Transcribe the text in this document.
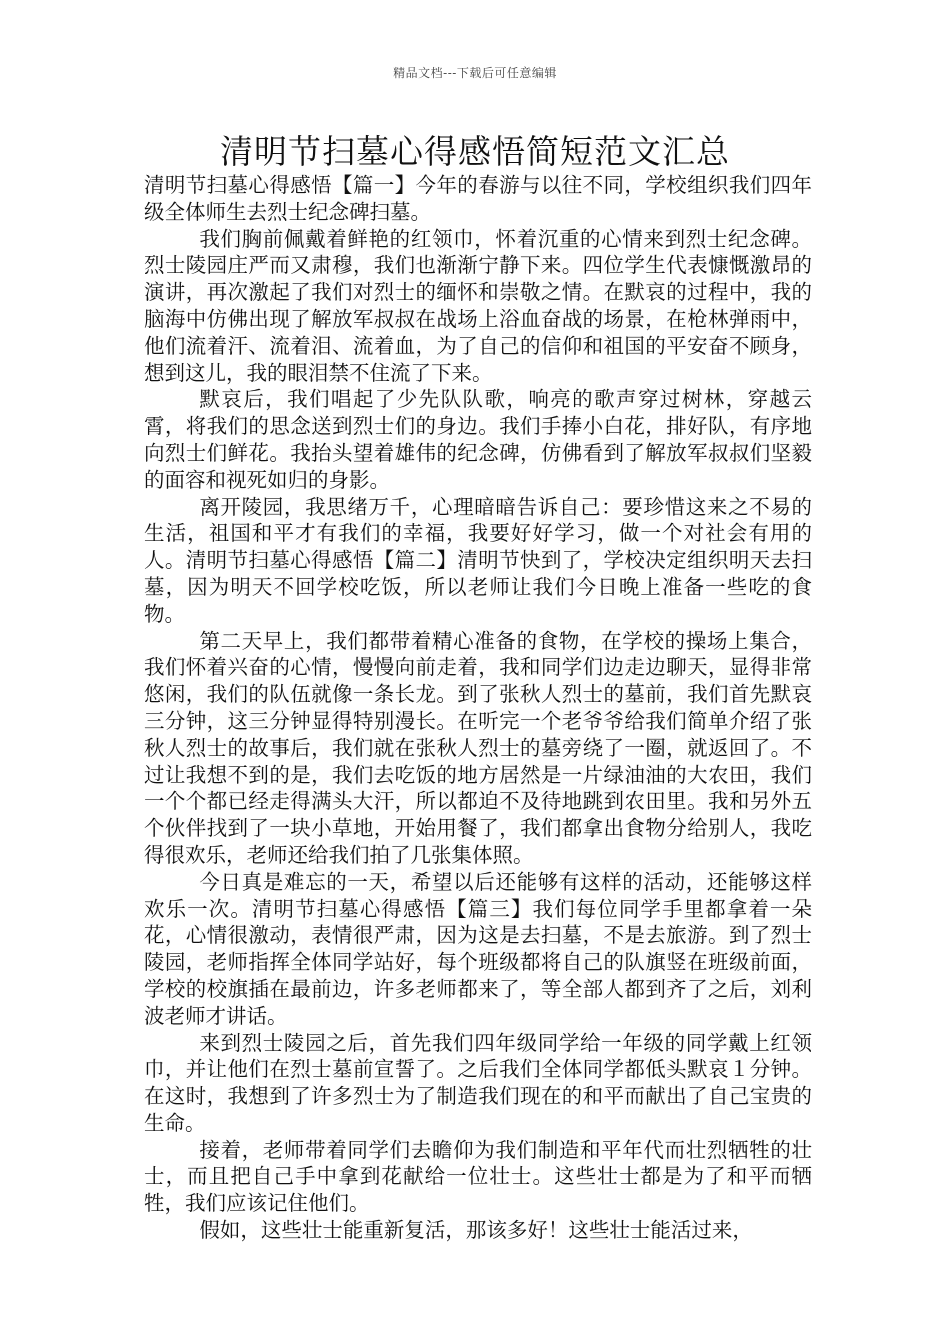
精品文档---下载后可任意编辑
清明节扫墓心得感悟简短范文汇总

清明节扫墓心得感悟【篇一】今年的春游与以往不同，学校组织我们四年级全体师生去烈士纪念碑扫墓。

我们胸前佩戴着鲜艳的红领巾，怀着沉重的心情来到烈士纪念碑。烈士陵园庄严而又肃穆，我们也渐渐宁静下来。四位学生代表慷慨激昂的演讲，再次激起了我们对烈士的缅怀和崇敬之情。在默哀的过程中，我的脑海中仿佛出现了解放军叔叔在战场上浴血奋战的场景，在枪林弹雨中，他们流着汗、流着泪、流着血，为了自己的信仰和祖国的平安奋不顾身，想到这儿，我的眼泪禁不住流了下来。

默哀后，我们唱起了少先队队歌，响亮的歌声穿过树林，穿越云霄，将我们的思念送到烈士们的身边。我们手捧小白花，排好队，有序地向烈士们鲜花。我抬头望着雄伟的纪念碑，仿佛看到了解放军叔叔们坚毅的面容和视死如归的身影。

离开陵园，我思绪万千，心理暗暗告诉自己：要珍惜这来之不易的生活，祖国和平才有我们的幸福，我要好好学习，做一个对社会有用的人。清明节扫墓心得感悟【篇二】清明节快到了，学校决定组织明天去扫墓，因为明天不回学校吃饭，所以老师让我们今日晚上准备一些吃的食物。

第二天早上，我们都带着精心准备的食物，在学校的操场上集合，我们怀着兴奋的心情，慢慢向前走着，我和同学们边走边聊天，显得非常悠闲，我们的队伍就像一条长龙。到了张秋人烈士的墓前，我们首先默哀三分钟，这三分钟显得特别漫长。在听完一个老爷爷给我们简单介绍了张秋人烈士的故事后，我们就在张秋人烈士的墓旁绕了一圈，就返回了。不过让我想不到的是，我们去吃饭的地方居然是一片绿油油的大农田，我们一个个都已经走得满头大汗，所以都迫不及待地跳到农田里。我和另外五个伙伴找到了一块小草地，开始用餐了，我们都拿出食物分给别人，我吃得很欢乐，老师还给我们拍了几张集体照。

今日真是难忘的一天，希望以后还能够有这样的活动，还能够这样欢乐一次。清明节扫墓心得感悟【篇三】我们每位同学手里都拿着一朵花，心情很激动，表情很严肃，因为这是去扫墓，不是去旅游。到了烈士陵园，老师指挥全体同学站好，每个班级都将自己的队旗竖在班级前面，学校的校旗插在最前边，许多老师都来了，等全部人都到齐了之后，刘利波老师才讲话。

来到烈士陵园之后，首先我们四年级同学给一年级的同学戴上红领巾，并让他们在烈士墓前宣誓了。之后我们全体同学都低头默哀１分钟。在这时，我想到了许多烈士为了制造我们现在的和平而献出了自己宝贵的生命。

接着，老师带着同学们去瞻仰为我们制造和平年代而壮烈牺牲的壮士，而且把自己手中拿到花献给一位壮士。这些壮士都是为了和平而牺牲，我们应该记住他们。

假如，这些壮士能重新复活，那该多好！这些壮士能活过来，
